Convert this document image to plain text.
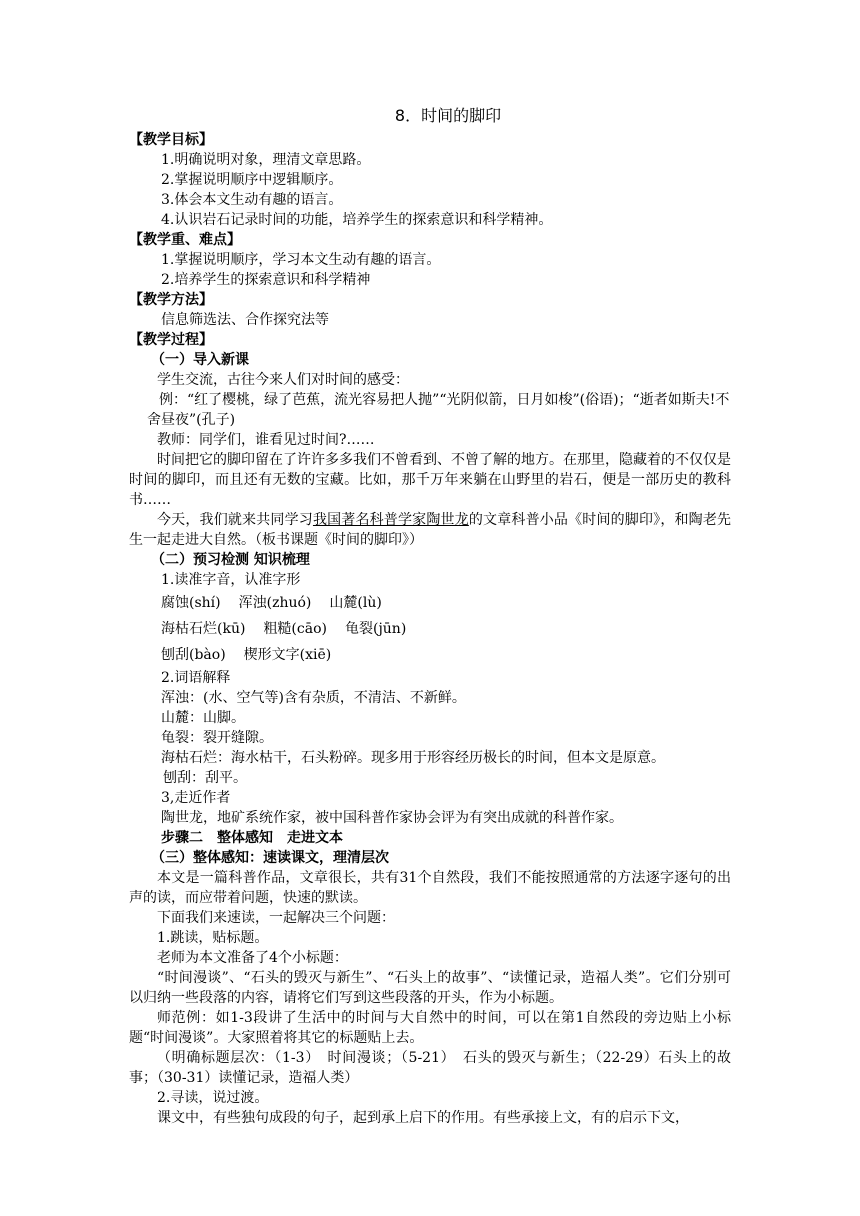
8．时间的脚印
【教学目标】
1.明确说明对象，理清文章思路。
2.掌握说明顺序中逻辑顺序。
3.体会本文生动有趣的语言。
4.认识岩石记录时间的功能，培养学生的探索意识和科学精神。
【教学重、难点】
1.掌握说明顺序，学习本文生动有趣的语言。
2.培养学生的探索意识和科学精神
【教学方法】
信息筛选法、合作探究法等
【教学过程】
（一）导入新课
学生交流，古往今来人们对时间的感受：
例：“红了樱桃，绿了芭蕉，流光容易把人抛”“光阴似箭，日月如梭”(俗语)；“逝者如斯夫!不舍昼夜”(孔子)
教师：同学们，谁看见过时间?……
时间把它的脚印留在了许许多多我们不曾看到、不曾了解的地方。在那里，隐藏着的不仅仅是时间的脚印，而且还有无数的宝藏。比如，那千万年来躺在山野里的岩石，便是一部历史的教科书……
今天，我们就来共同学习我国著名科普学家陶世龙的文章科普小品《时间的脚印》，和陶老先生一起走进大自然。（板书课题《时间的脚印》）
（二）预习检测 知识梳理
1.读准字音，认准字形
腐蚀(shí) 浑浊(zhuó) 山麓(lù)
海枯石烂(kū) 粗糙(cāo) 龟裂(jūn)
刨刮(bào) 楔形文字(xiē)
2.词语解释
浑浊：(水、空气等)含有杂质，不清洁、不新鲜。
山麓：山脚。
龟裂：裂开缝隙。
海枯石烂：海水枯干，石头粉碎。现多用于形容经历极长的时间，但本文是原意。
刨刮：刮平。
3,走近作者
陶世龙，地矿系统作家，被中国科普作家协会评为有突出成就的科普作家。
步骤二　整体感知　走进文本
（三）整体感知：速读课文，理清层次
本文是一篇科普作品，文章很长，共有31个自然段，我们不能按照通常的方法逐字逐句的出声的读，而应带着问题，快速的默读。
下面我们来速读，一起解决三个问题：
1.跳读，贴标题。
老师为本文准备了4个小标题：
“时间漫谈”、“石头的毁灭与新生”、“石头上的故事”、“读懂记录，造福人类”。它们分别可以归纳一些段落的内容，请将它们写到这些段落的开头，作为小标题。
师范例：如1-3段讲了生活中的时间与大自然中的时间，可以在第1自然段的旁边贴上小标题“时间漫谈”。大家照着将其它的标题贴上去。
（明确标题层次：（1-3）　时间漫谈；（5-21）　石头的毁灭与新生；（22-29）石头上的故事；（30-31）读懂记录，造福人类）
2.寻读，说过渡。
课文中，有些独句成段的句子，起到承上启下的作用。有些承接上文，有的启示下文，
